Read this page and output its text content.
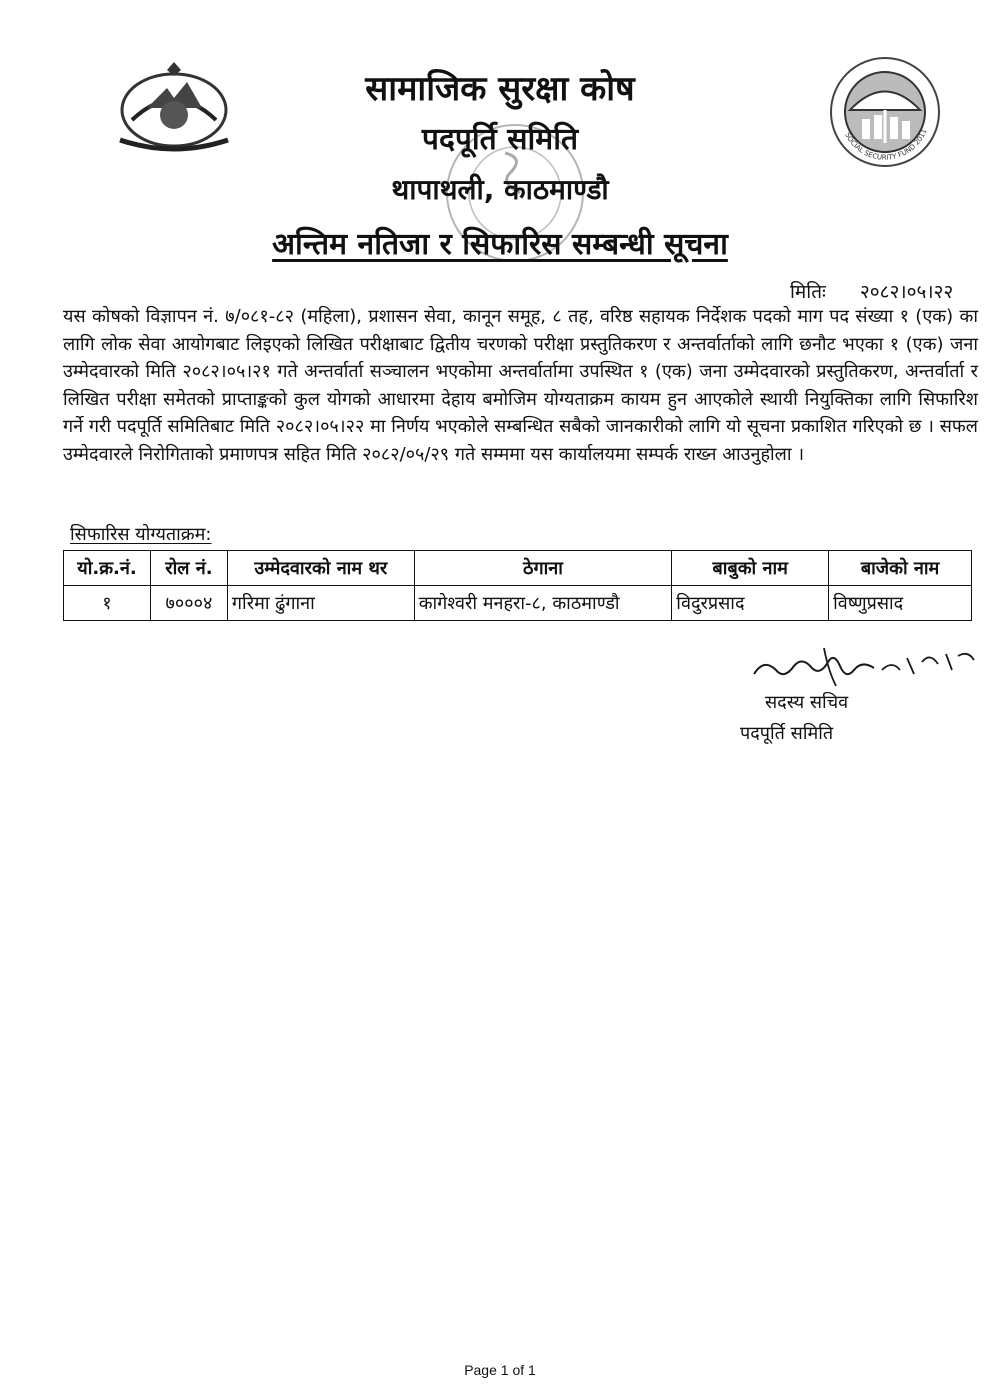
SOCIAL SECURITY FUND 2011
सामाजिक सुरक्षा कोष
पदपूर्ति समिति
थापाथली, काठमाण्डौ
अन्तिम नतिजा र सिफारिस सम्बन्धी सूचना
मितिः २०८२।०५।२२
यस कोषको विज्ञापन नं. ७/०८१-८२ (महिला), प्रशासन सेवा, कानून समूह, ८ तह, वरिष्ठ सहायक निर्देशक पदको माग पद संख्या १ (एक) का लागि लोक सेवा आयोगबाट लिइएको लिखित परीक्षाबाट द्वितीय चरणको परीक्षा प्रस्तुतिकरण र अन्तर्वार्ताको लागि छनौट भएका १ (एक) जना उम्मेदवारको मिति २०८२।०५।२१ गते अन्तर्वार्ता सञ्चालन भएकोमा अन्तर्वार्तामा उपस्थित १ (एक) जना उम्मेदवारको प्रस्तुतिकरण, अन्तर्वार्ता र लिखित परीक्षा समेतको प्राप्ताङ्कको कुल योगको आधारमा देहाय बमोजिम योग्यताक्रम कायम हुन आएकोले स्थायी नियुक्तिका लागि सिफारिश गर्ने गरी पदपूर्ति समितिबाट मिति २०८२।०५।२२ मा निर्णय भएकोले सम्बन्धित सबैको जानकारीको लागि यो सूचना प्रकाशित गरिएको छ । सफल उम्मेदवारले निरोगिताको प्रमाणपत्र सहित मिति २०८२/०५/२९ गते सम्ममा यस कार्यालयमा सम्पर्क राख्न आउनुहोला ।
सिफारिस योग्यताक्रम:
यो.क्र.नं.	रोल नं.	उम्मेदवारको नाम थर	ठेगाना	बाबुको नाम	बाजेको नाम
१	७०००४	गरिमा ढुंगाना	कागेश्वरी मनहरा-८, काठमाण्डौ	विदुरप्रसाद	विष्णुप्रसाद
सदस्य सचिव
पदपूर्ति समिति
Page 1 of 1
